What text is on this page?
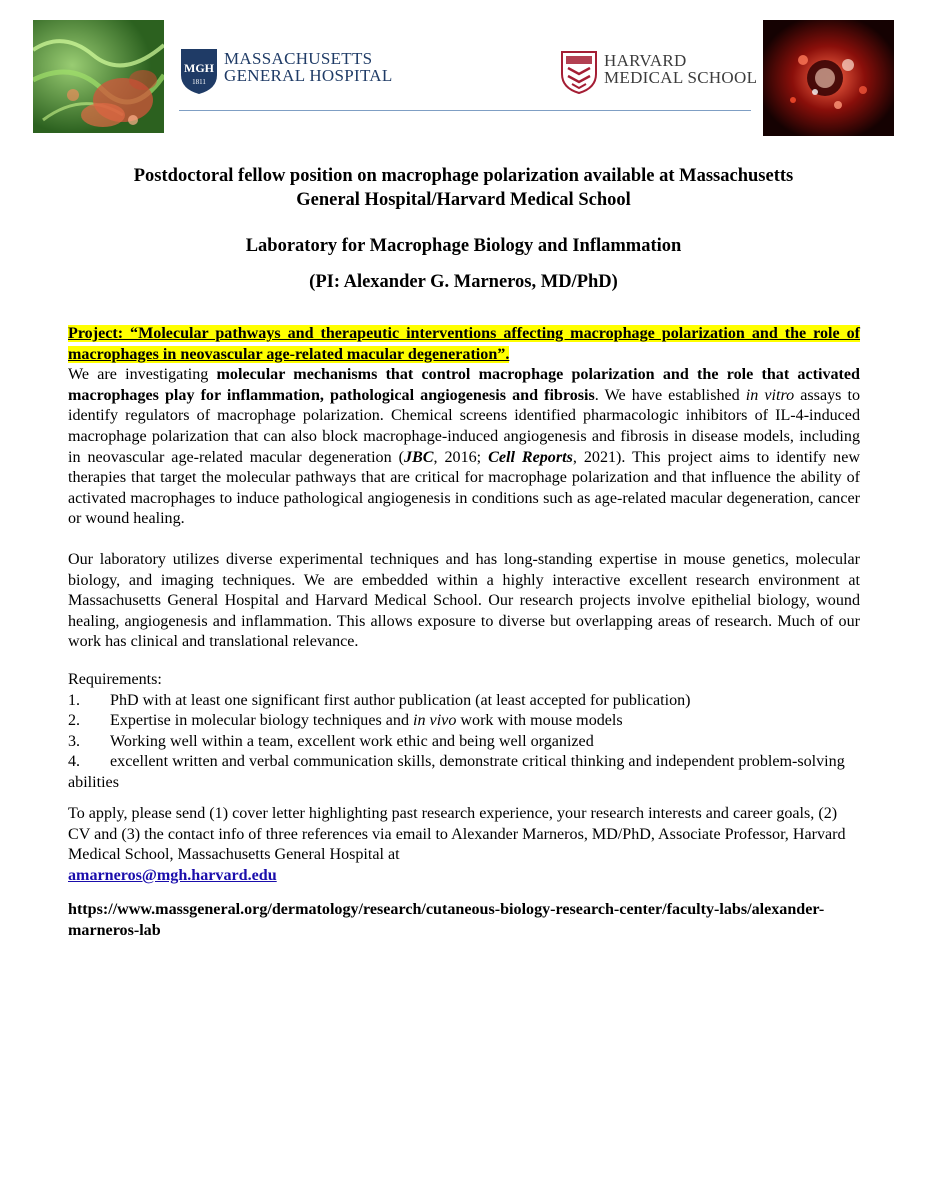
MGH
1811
MASSACHUSETTS
GENERAL HOSPITAL
HARVARD
MEDICAL SCHOOL
Postdoctoral fellow position on macrophage polarization available at Massachusetts
General Hospital/Harvard Medical School
Laboratory for Macrophage Biology and Inflammation
(PI: Alexander G. Marneros, MD/PhD)

Project: “Molecular pathways and therapeutic interventions affecting macrophage polarization and the role of macrophages in neovascular age-related macular degeneration”.
We are investigating molecular mechanisms that control macrophage polarization and the role that activated macrophages play for inflammation, pathological angiogenesis and fibrosis. We have established in vitro assays to identify regulators of macrophage polarization. Chemical screens identified pharmacologic inhibitors of IL-4-induced macrophage polarization that can also block macrophage-induced angiogenesis and fibrosis in disease models, including in neovascular age-related macular degeneration (JBC, 2016; Cell Reports, 2021). This project aims to identify new therapies that target the molecular pathways that are critical for macrophage polarization and that influence the ability of activated macrophages to induce pathological angiogenesis in conditions such as age-related macular degeneration, cancer or wound healing.

Our laboratory utilizes diverse experimental techniques and has long-standing expertise in mouse genetics, molecular biology, and imaging techniques. We are embedded within a highly interactive excellent research environment at Massachusetts General Hospital and Harvard Medical School. Our research projects involve epithelial biology, wound healing, angiogenesis and inflammation. This allows exposure to diverse but overlapping areas of research. Much of our work has clinical and translational relevance.
Requirements:
1. PhD with at least one significant first author publication (at least accepted for publication)
2. Expertise in molecular biology techniques and in vivo work with mouse models
3. Working well within a team, excellent work ethic and being well organized
4. excellent written and verbal communication skills, demonstrate critical thinking and independent problem-solving abilities
To apply, please send (1) cover letter highlighting past research experience, your research interests and career goals, (2) CV and (3) the contact info of three references via email to Alexander Marneros, MD/PhD, Associate Professor, Harvard Medical School, Massachusetts General Hospital at
amarneros@mgh.harvard.edu
https://www.massgeneral.org/dermatology/research/cutaneous-biology-research-center/faculty-labs/alexander-marneros-lab
